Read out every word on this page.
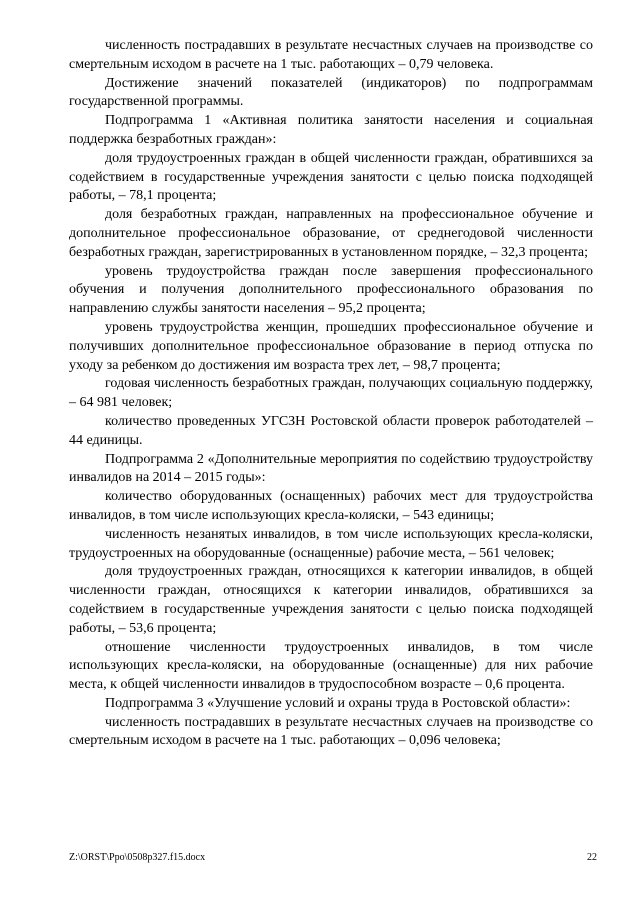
численность пострадавших в результате несчастных случаев на производстве со смертельным исходом в расчете на 1 тыс. работающих – 0,79 человека.

Достижение значений показателей (индикаторов) по подпрограммам государственной программы.

Подпрограмма 1 «Активная политика занятости населения и социальная поддержка безработных граждан»:

доля трудоустроенных граждан в общей численности граждан, обратившихся за содействием в государственные учреждения занятости с целью поиска подходящей работы, – 78,1 процента;

доля безработных граждан, направленных на профессиональное обучение и дополнительное профессиональное образование, от среднегодовой численности безработных граждан, зарегистрированных в установленном порядке, – 32,3 процента;

уровень трудоустройства граждан после завершения профессионального обучения и получения дополнительного профессионального образования по направлению службы занятости населения – 95,2 процента;

уровень трудоустройства женщин, прошедших профессиональное обучение и получивших дополнительное профессиональное образование в период отпуска по уходу за ребенком до достижения им возраста трех лет, – 98,7 процента;

годовая численность безработных граждан, получающих социальную поддержку, – 64 981 человек;

количество проведенных УГСЗН Ростовской области проверок работодателей – 44 единицы.

Подпрограмма 2 «Дополнительные мероприятия по содействию трудоустройству инвалидов на 2014 – 2015 годы»:

количество оборудованных (оснащенных) рабочих мест для трудоустройства инвалидов, в том числе использующих кресла-коляски, – 543 единицы;

численность незанятых инвалидов, в том числе использующих кресла-коляски, трудоустроенных на оборудованные (оснащенные) рабочие места, – 561 человек;

доля трудоустроенных граждан, относящихся к категории инвалидов, в общей численности граждан, относящихся к категории инвалидов, обратившихся за содействием в государственные учреждения занятости с целью поиска подходящей работы, – 53,6 процента;

отношение численности трудоустроенных инвалидов, в том числе использующих кресла-коляски, на оборудованные (оснащенные) для них рабочие места, к общей численности инвалидов в трудоспособном возрасте – 0,6 процента.

Подпрограмма 3 «Улучшение условий и охраны труда в Ростовской области»:

численность пострадавших в результате несчастных случаев на производстве со смертельным исходом в расчете на 1 тыс. работающих – 0,096 человека;

Z:\ORST\Ppo\0508p327.f15.docx	22
